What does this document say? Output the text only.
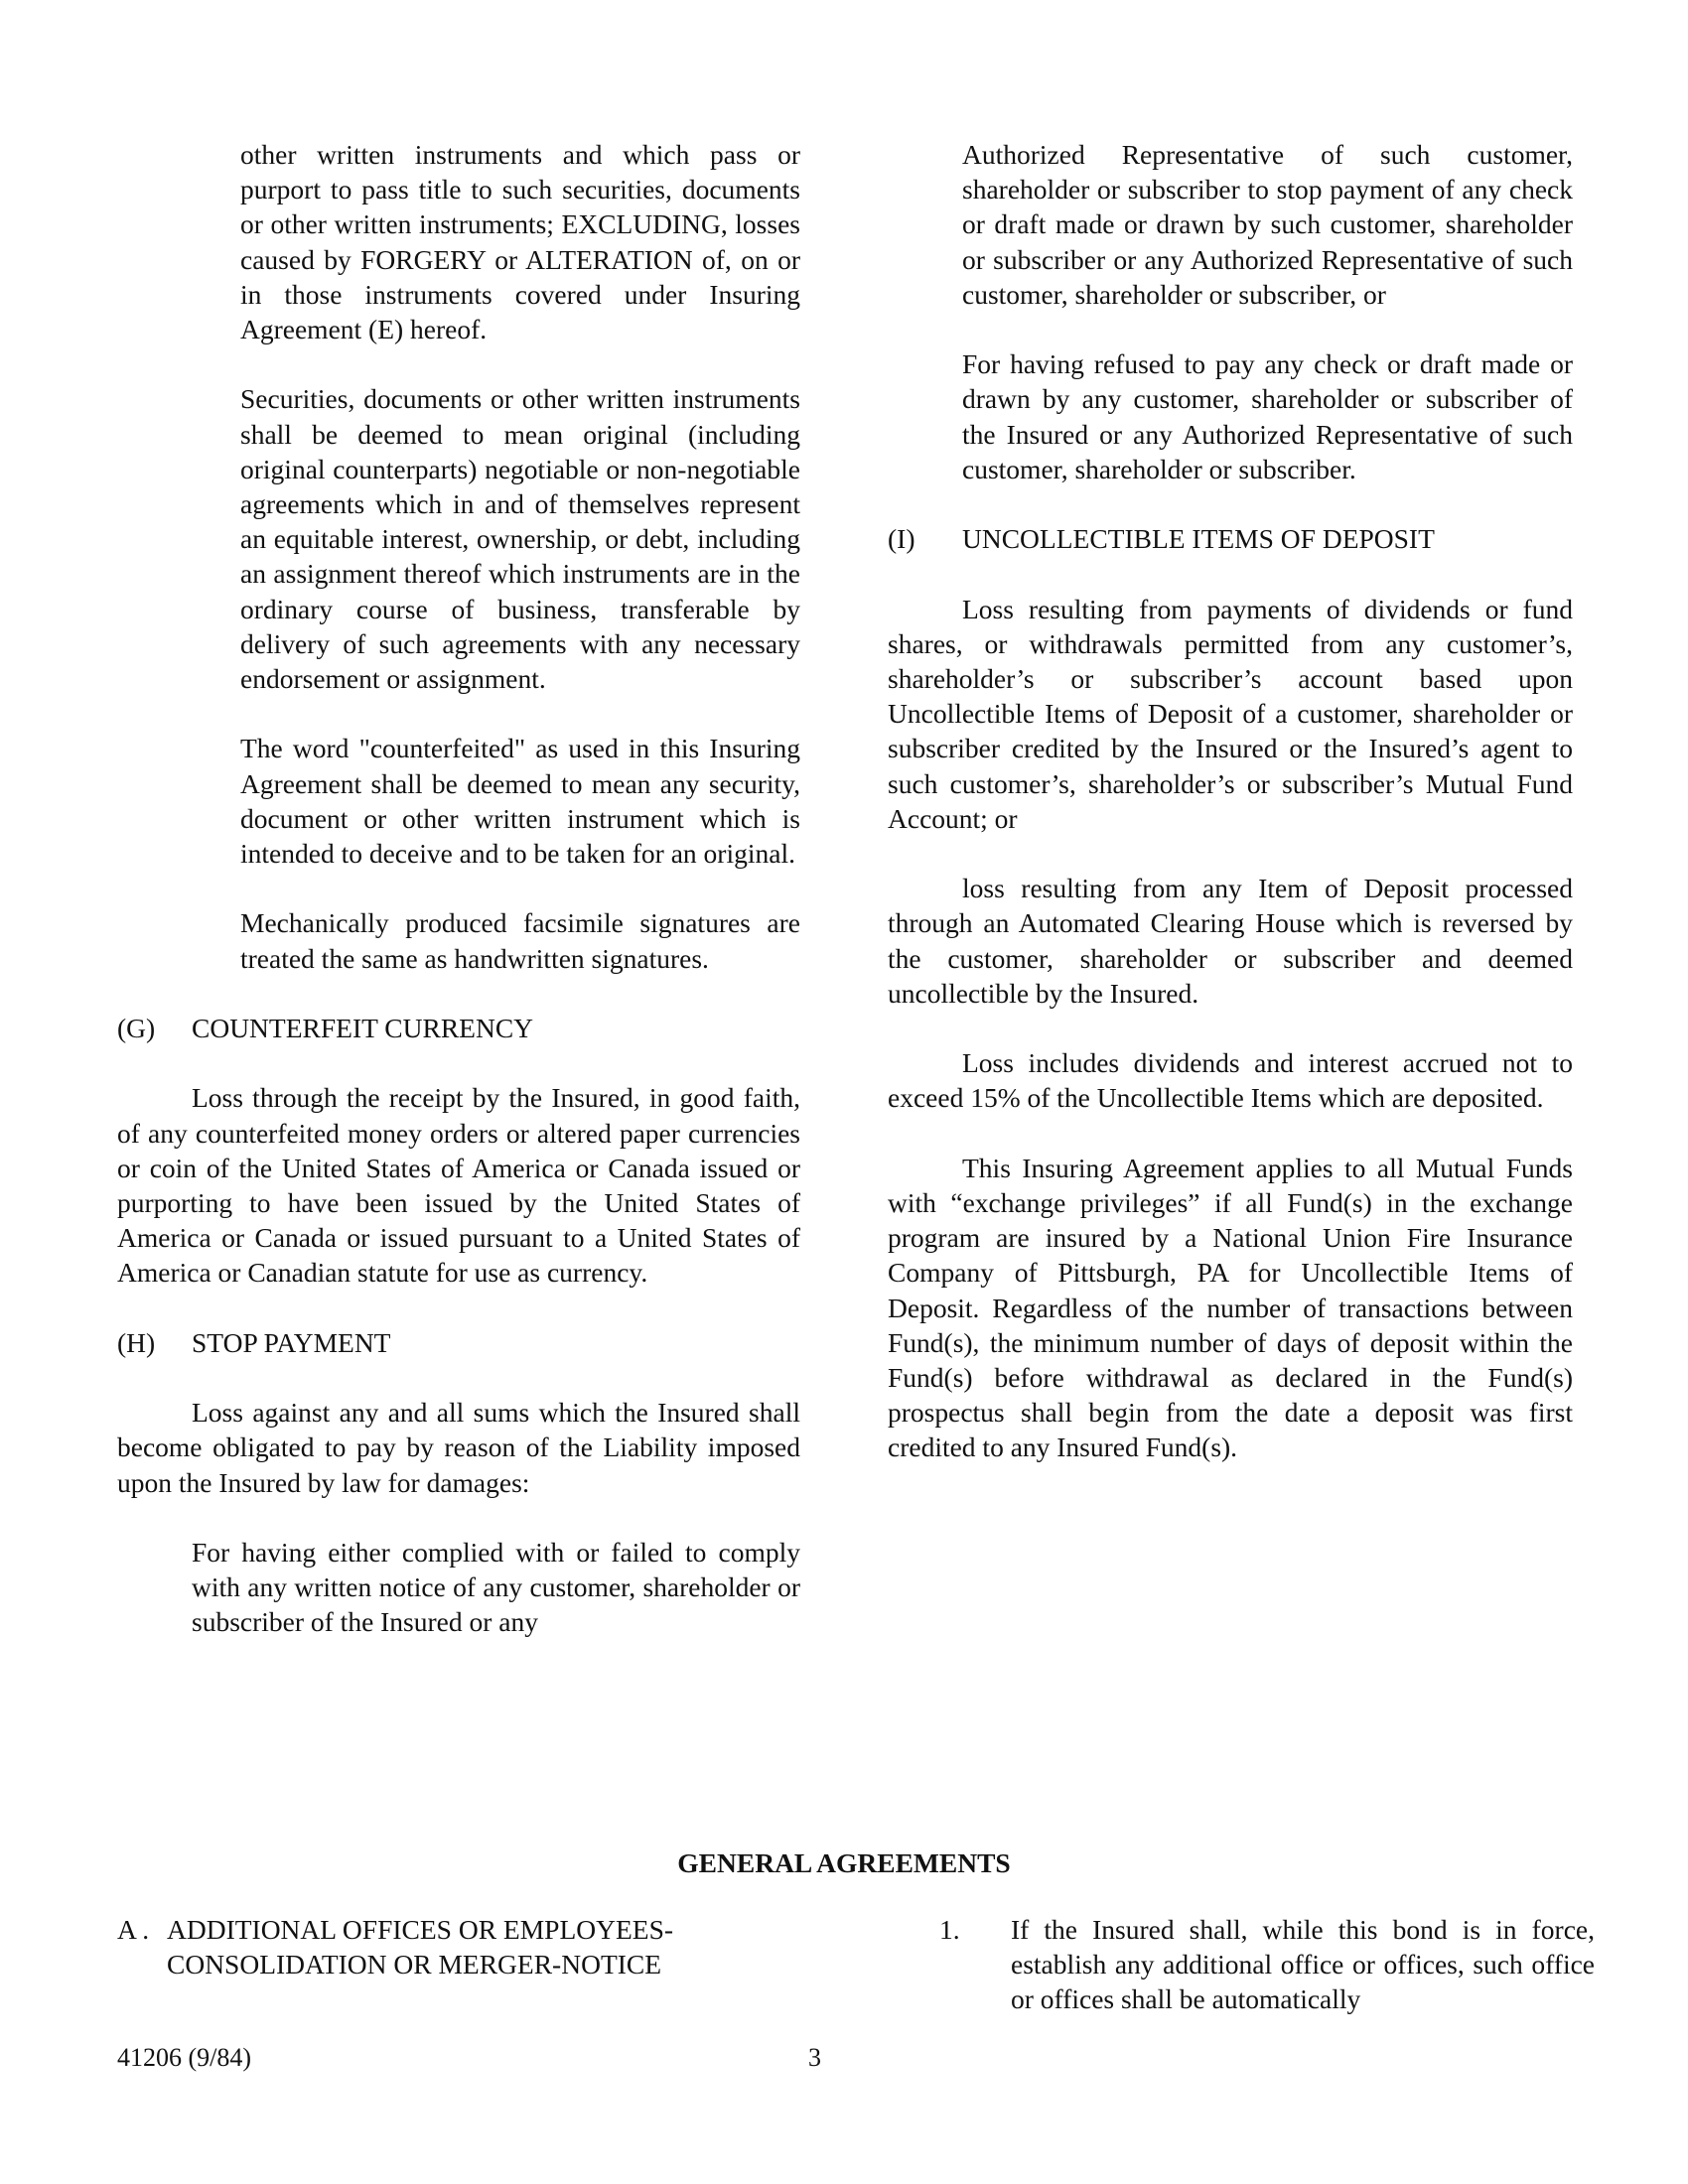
other written instruments and which pass or purport to pass title to such securities, documents or other written instruments; EXCLUDING, losses caused by FORGERY or ALTERATION of, on or in those instruments covered under Insuring Agreement (E) hereof.

Securities, documents or other written instruments shall be deemed to mean original (including original counterparts) negotiable or non-negotiable agreements which in and of themselves represent an equitable interest, ownership, or debt, including an assignment thereof which instruments are in the ordinary course of business, transferable by delivery of such agreements with any necessary endorsement or assignment.

The word "counterfeited" as used in this Insuring Agreement shall be deemed to mean any security, document or other written instrument which is intended to deceive and to be taken for an original.

Mechanically produced facsimile signatures are treated the same as handwritten signatures.

(G)	COUNTERFEIT CURRENCY

Loss through the receipt by the Insured, in good faith, of any counterfeited money orders or altered paper currencies or coin of the United States of America or Canada issued or purporting to have been issued by the United States of America or Canada or issued pursuant to a United States of America or Canadian statute for use as currency.

(H)	STOP PAYMENT

Loss against any and all sums which the Insured shall become obligated to pay by reason of the Liability imposed upon the Insured by law for damages:

For having either complied with or failed to comply with any written notice of any customer, shareholder or subscriber of the Insured or any

Authorized Representative of such customer, shareholder or subscriber to stop payment of any check or draft made or drawn by such customer, shareholder or subscriber or any Authorized Representative of such customer, shareholder or subscriber, or

For having refused to pay any check or draft made or drawn by any customer, shareholder or subscriber of the Insured or any Authorized Representative of such customer, shareholder or subscriber.

(I)	UNCOLLECTIBLE ITEMS OF DEPOSIT

Loss resulting from payments of dividends or fund shares, or withdrawals permitted from any customer’s, shareholder’s or subscriber’s account based upon Uncollectible Items of Deposit of a customer, shareholder or subscriber credited by the Insured or the Insured’s agent to such customer’s, shareholder’s or subscriber’s Mutual Fund Account; or

loss resulting from any Item of Deposit processed through an Automated Clearing House which is reversed by the customer, shareholder or subscriber and deemed uncollectible by the Insured.

Loss includes dividends and interest accrued not to exceed 15% of the Uncollectible Items which are deposited.

This Insuring Agreement applies to all Mutual Funds with “exchange privileges” if all Fund(s) in the exchange program are insured by a National Union Fire Insurance Company of Pittsburgh, PA for Uncollectible Items of Deposit. Regardless of the number of transactions between Fund(s), the minimum number of days of deposit within the Fund(s) before withdrawal as declared in the Fund(s) prospectus shall begin from the date a deposit was first credited to any Insured Fund(s).

GENERAL AGREEMENTS
A . ADDITIONAL OFFICES OR EMPLOYEES-
CONSOLIDATION OR MERGER-NOTICE
1.	If the Insured shall, while this bond is in force, establish any additional office or offices, such office or offices shall be automatically
41206 (9/84)	3
